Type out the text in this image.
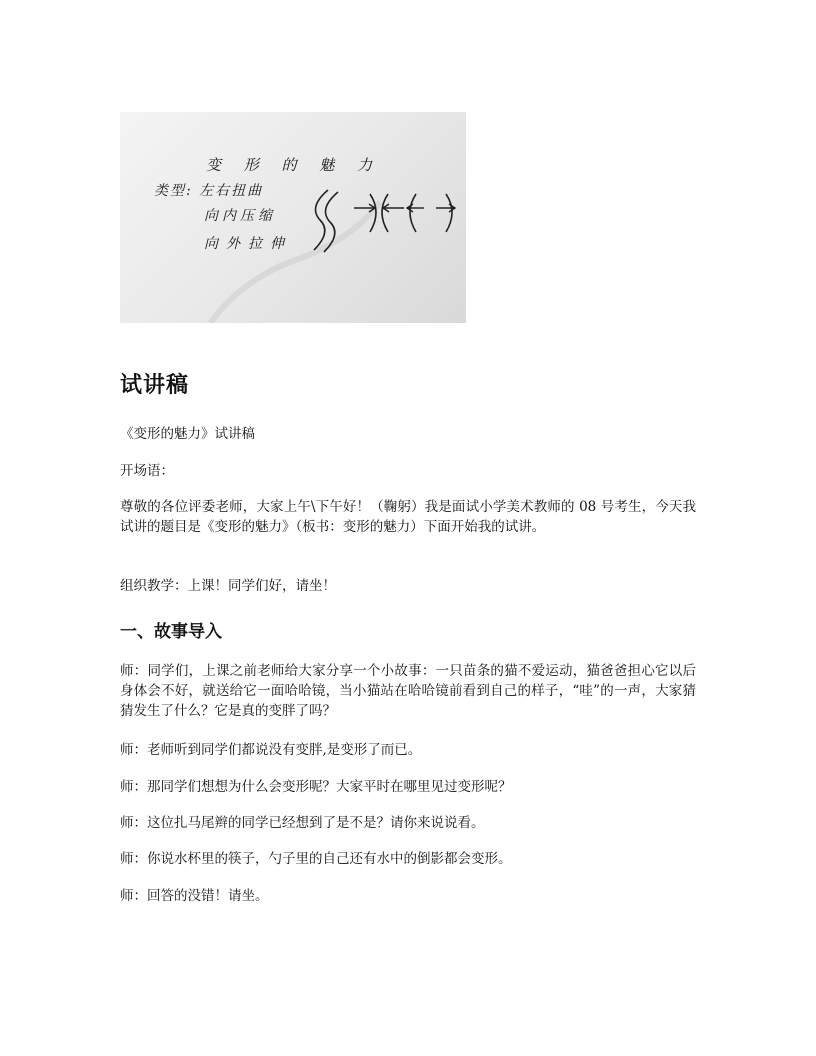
变 形 的 魅 力
类型: 左右扭曲
向内压缩
向外拉伸
试讲稿
《变形的魅力》试讲稿
开场语：
尊敬的各位评委老师，大家上午\下午好！（鞠躬）我是面试小学美术教师的 08 号考生，今天我试讲的题目是《变形的魅力》（板书：变形的魅力）下面开始我的试讲。
组织教学：上课！同学们好，请坐！
一、故事导入
师：同学们，上课之前老师给大家分享一个小故事：一只苗条的猫不爱运动，猫爸爸担心它以后身体会不好，就送给它一面哈哈镜，当小猫站在哈哈镜前看到自己的样子，“哇”的一声，大家猜猜发生了什么？它是真的变胖了吗？
师：老师听到同学们都说没有变胖,是变形了而已。
师：那同学们想想为什么会变形呢？大家平时在哪里见过变形呢？
师：这位扎马尾辫的同学已经想到了是不是？请你来说说看。
师：你说水杯里的筷子，勺子里的自己还有水中的倒影都会变形。
师：回答的没错！请坐。
